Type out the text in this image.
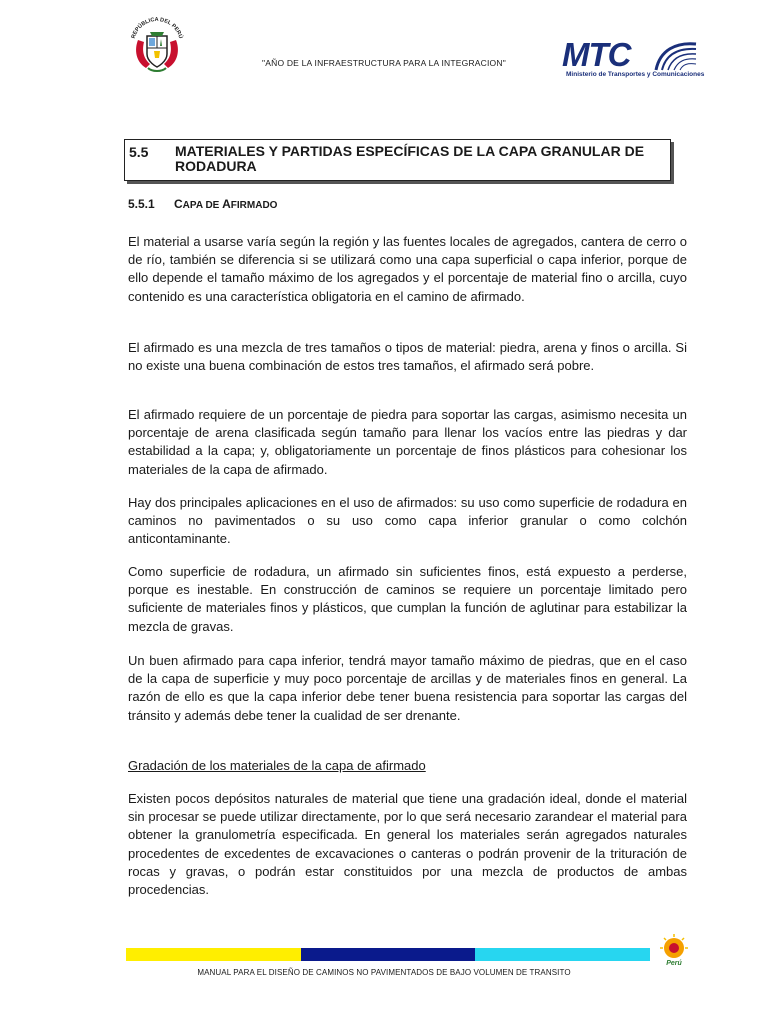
REPÚBLICA DEL PERÚ
"AÑO DE LA INFRAESTRUCTURA PARA LA INTEGRACION"	MTC
Ministerio de Transportes y Comunicaciones
5.5 MATERIALES Y PARTIDAS ESPECÍFICAS DE LA CAPA GRANULAR DE RODADURA
5.5.1 CAPA DE AFIRMADO

El material a usarse varía según la región y las fuentes locales de agregados, cantera de cerro o de río, también se diferencia si se utilizará como una capa superficial o capa inferior, porque de ello depende el tamaño máximo de los agregados y el porcentaje de material fino o arcilla, cuyo contenido es una característica obligatoria en el camino de afirmado.

El afirmado es una mezcla de tres tamaños o tipos de material: piedra, arena y finos o arcilla. Si no existe una buena combinación de estos tres tamaños, el afirmado será pobre.

El afirmado requiere de un porcentaje de piedra para soportar las cargas, asimismo necesita un porcentaje de arena clasificada según tamaño para llenar los vacíos entre las piedras y dar estabilidad a la capa; y, obligatoriamente un porcentaje de finos plásticos para cohesionar los materiales de la capa de afirmado.

Hay dos principales aplicaciones en el uso de afirmados: su uso como superficie de rodadura en caminos no pavimentados o su uso como capa inferior granular o como colchón anticontaminante.

Como superficie de rodadura, un afirmado sin suficientes finos, está expuesto a perderse, porque es inestable. En construcción de caminos se requiere un porcentaje limitado pero suficiente de materiales finos y plásticos, que cumplan la función de aglutinar para estabilizar la mezcla de gravas.

Un buen afirmado para capa inferior, tendrá mayor tamaño máximo de piedras, que en el caso de la capa de superficie y muy poco porcentaje de arcillas y de materiales finos en general. La razón de ello es que la capa inferior debe tener buena resistencia para soportar las cargas del tránsito y además debe tener la cualidad de ser drenante.

Gradación de los materiales de la capa de afirmado

Existen pocos depósitos naturales de material que tiene una gradación ideal, donde el material sin procesar se puede utilizar directamente, por lo que será necesario zarandear el material para obtener la granulometría especificada. En general los materiales serán agregados naturales procedentes de excedentes de excavaciones o canteras o podrán provenir de la trituración de rocas y gravas, o podrán estar constituidos por una mezcla de productos de ambas procedencias.

Perú
MANUAL PARA EL DISEÑO DE CAMINOS NO PAVIMENTADOS DE BAJO VOLUMEN DE TRANSITO
